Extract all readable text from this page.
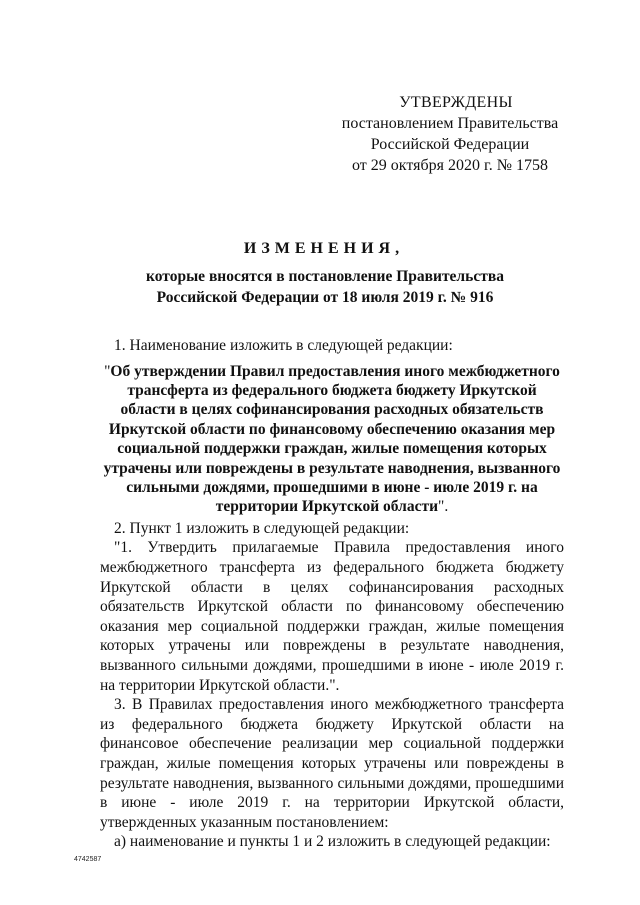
УТВЕРЖДЕНЫ
постановлением Правительства
Российской Федерации
от 29 октября 2020 г. № 1758
ИЗМЕНЕНИЯ,
которые вносятся в постановление Правительства
Российской Федерации от 18 июля 2019 г. № 916

1. Наименование изложить в следующей редакции:

"Об утверждении Правил предоставления иного межбюджетного трансферта из федерального бюджета бюджету Иркутской области в целях софинансирования расходных обязательств Иркутской области по финансовому обеспечению оказания мер социальной поддержки граждан, жилые помещения которых утрачены или повреждены в результате наводнения, вызванного сильными дождями, прошедшими в июне - июле 2019 г. на территории Иркутской области".

2. Пункт 1 изложить в следующей редакции:

"1. Утвердить прилагаемые Правила предоставления иного межбюджетного трансферта из федерального бюджета бюджету Иркутской области в целях софинансирования расходных обязательств Иркутской области по финансовому обеспечению оказания мер социальной поддержки граждан, жилые помещения которых утрачены или повреждены в результате наводнения, вызванного сильными дождями, прошедшими в июне - июле 2019 г. на территории Иркутской области.".

3. В Правилах предоставления иного межбюджетного трансферта из федерального бюджета бюджету Иркутской области на финансовое обеспечение реализации мер социальной поддержки граждан, жилые помещения которых утрачены или повреждены в результате наводнения, вызванного сильными дождями, прошедшими в июне - июле 2019 г. на территории Иркутской области, утвержденных указанным постановлением:

а) наименование и пункты 1 и 2 изложить в следующей редакции:

4742587
